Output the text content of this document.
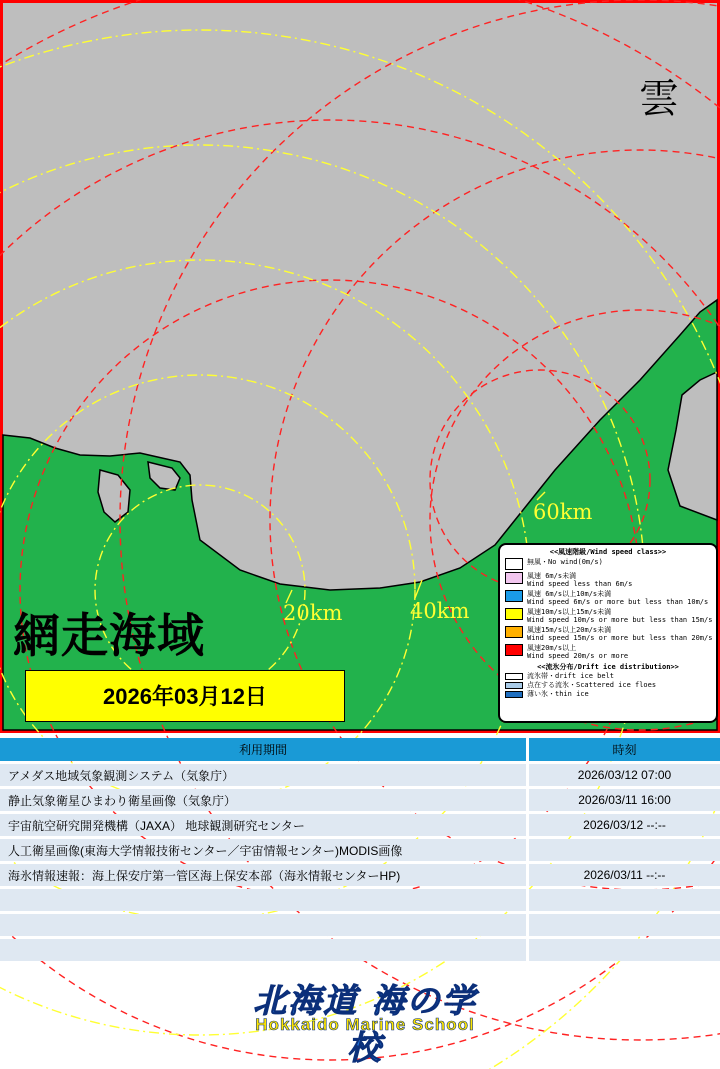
雲
20km	40km
60km
網走海域
2026年03月12日
<<風速階級/Wind speed class>>
無風・No wind(0m/s)
風速 6m/s未満
Wind speed less than 6m/s
風速 6m/s以上10m/s未満
Wind speed 6m/s or more but less than 10m/s
風速10m/s以上15m/s未満
Wind speed 10m/s or more but less than 15m/s
風速15m/s以上20m/s未満
Wind speed 15m/s or more but less than 20m/s
風速20m/s以上
Wind speed 20m/s or more
<<流氷分布/Drift ice distribution>>
流氷帯・drift ice belt
点在する流氷・Scattered ice floes
薄い氷・thin ice
利用期間	時刻
アメダス地域気象観測システム（気象庁）	2026/03/12 07:00
静止気象衛星ひまわり衛星画像（気象庁）	2026/03/11 16:00
宇宙航空研究開発機構（JAXA） 地球観測研究センター	2026/03/12 --:--
人工衛星画像(東海大学情報技術センター／宇宙情報センター)MODIS画像	
海氷情報速報：海上保安庁第一管区海上保安本部（海氷情報センターHP)	2026/03/11 --:--

北海道 海の学校
Hokkaido Marine School
